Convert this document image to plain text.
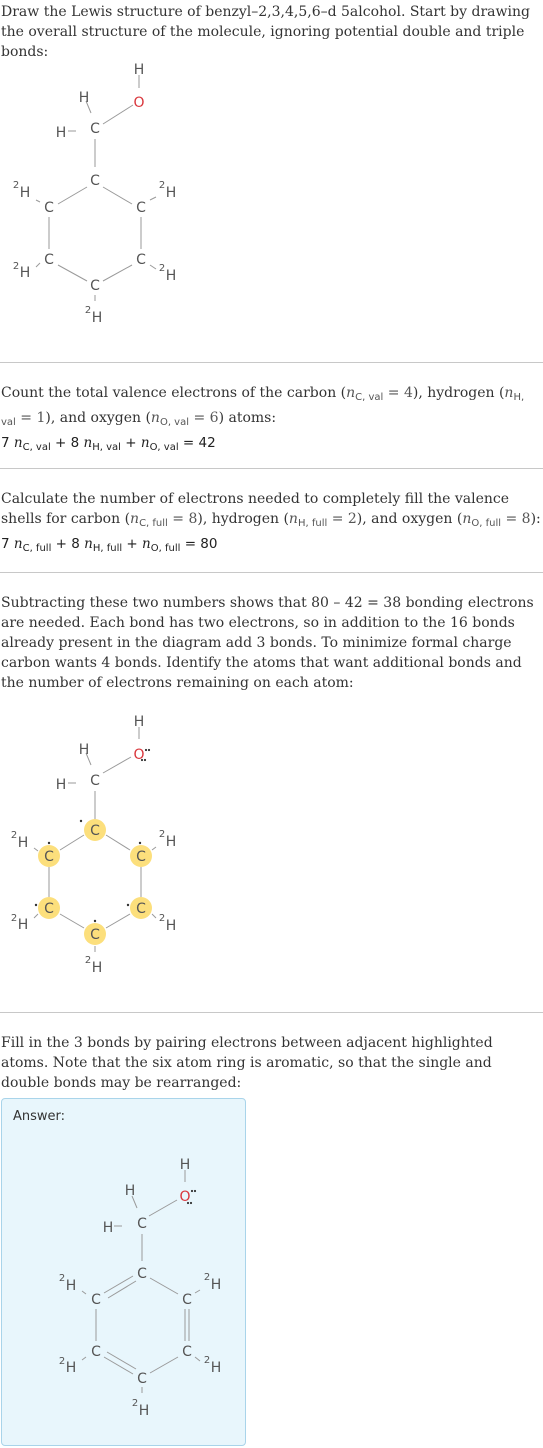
Draw the Lewis structure of benzyl–2,3,4,5,6–d 5alcohol. Start by drawing the overall structure of the molecule, ignoring potential double and triple bonds:

H
O
H
H C
C
C	C
C	C
C
H
2
H
2
H
2
H
2
H
2

Count the total valence electrons of the carbon $(n_{C, val} = 4)$, hydrogen $(n_{H, val} = 1)$, and oxygen $(n_{O, val} = 6)$ atoms:

7 $n_{C, val} + 8$ $n_{H, val} + n_{O, val} = 42$

Calculate the number of electrons needed to completely fill the valence shells for carbon $(n_{C, full} = 8)$, hydrogen $(n_{H, full} = 2)$, and oxygen $(n_{O, full} = 8)$:

7 $n_{C, full} + 8$ $n_{H, full} + n_{O, full} = 80$

Subtracting these two numbers shows that 80 – 42 = 38 bonding electrons are needed. Each bond has two electrons, so in addition to the 16 bonds already present in the diagram add 3 bonds. To minimize formal charge carbon wants 4 bonds. Identify the atoms that want additional bonds and the number of electrons remaining on each atom:

H
O
H
H C
C
C	C
C	C
C
H
2
H
2
H
2
H
2
H
2

Fill in the 3 bonds by pairing electrons between adjacent highlighted atoms. Note that the six atom ring is aromatic, so that the single and double bonds may be rearranged:

Answer:
H
O
H
H C
C
C	C
C	C
C
H
2
H
2
H
2
H
2
H
2
